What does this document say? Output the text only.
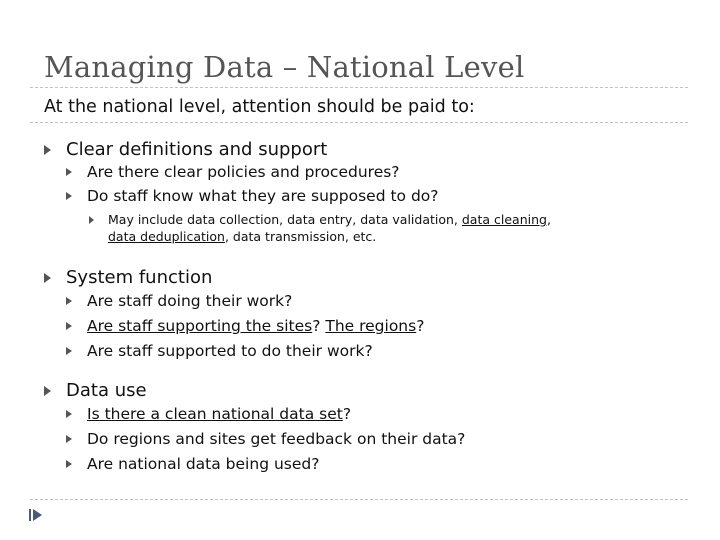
Managing Data – National Level
At the national level, attention should be paid to:
Clear definitions and support
Are there clear policies and procedures?
Do staff know what they are supposed to do?
May include data collection, data entry, data validation, data cleaning,
data deduplication, data transmission, etc.
System function
Are staff doing their work?
Are staff supporting the sites? The regions?
Are staff supported to do their work?
Data use
Is there a clean national data set?
Do regions and sites get feedback on their data?
Are national data being used?
